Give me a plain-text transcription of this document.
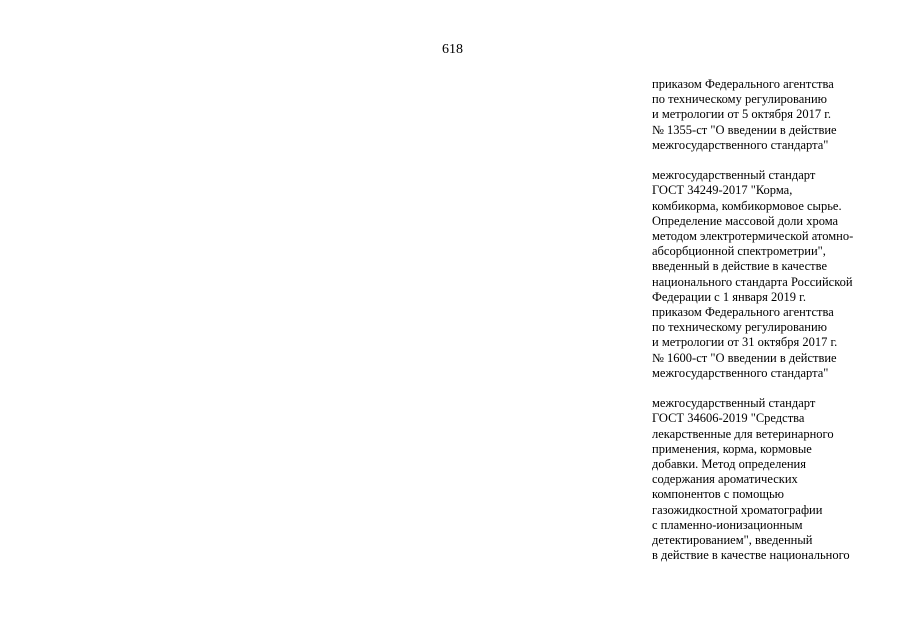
618
приказом Федерального агентства
по техническому регулированию
и метрологии от 5 октября 2017 г.
№ 1355-ст "О введении в действие
межгосударственного стандарта"
межгосударственный стандарт
ГОСТ 34249-2017 "Корма,
комбикорма, комбикормовое сырье.
Определение массовой доли хрома
методом электротермической атомно-
абсорбционной спектрометрии",
введенный в действие в качестве
национального стандарта Российской
Федерации с 1 января 2019 г.
приказом Федерального агентства
по техническому регулированию
и метрологии от 31 октября 2017 г.
№ 1600-ст "О введении в действие
межгосударственного стандарта"
межгосударственный стандарт
ГОСТ 34606-2019 "Средства
лекарственные для ветеринарного
применения, корма, кормовые
добавки. Метод определения
содержания ароматических
компонентов с помощью
газожидкостной хроматографии
с пламенно-ионизационным
детектированием", введенный
в действие в качестве национального
